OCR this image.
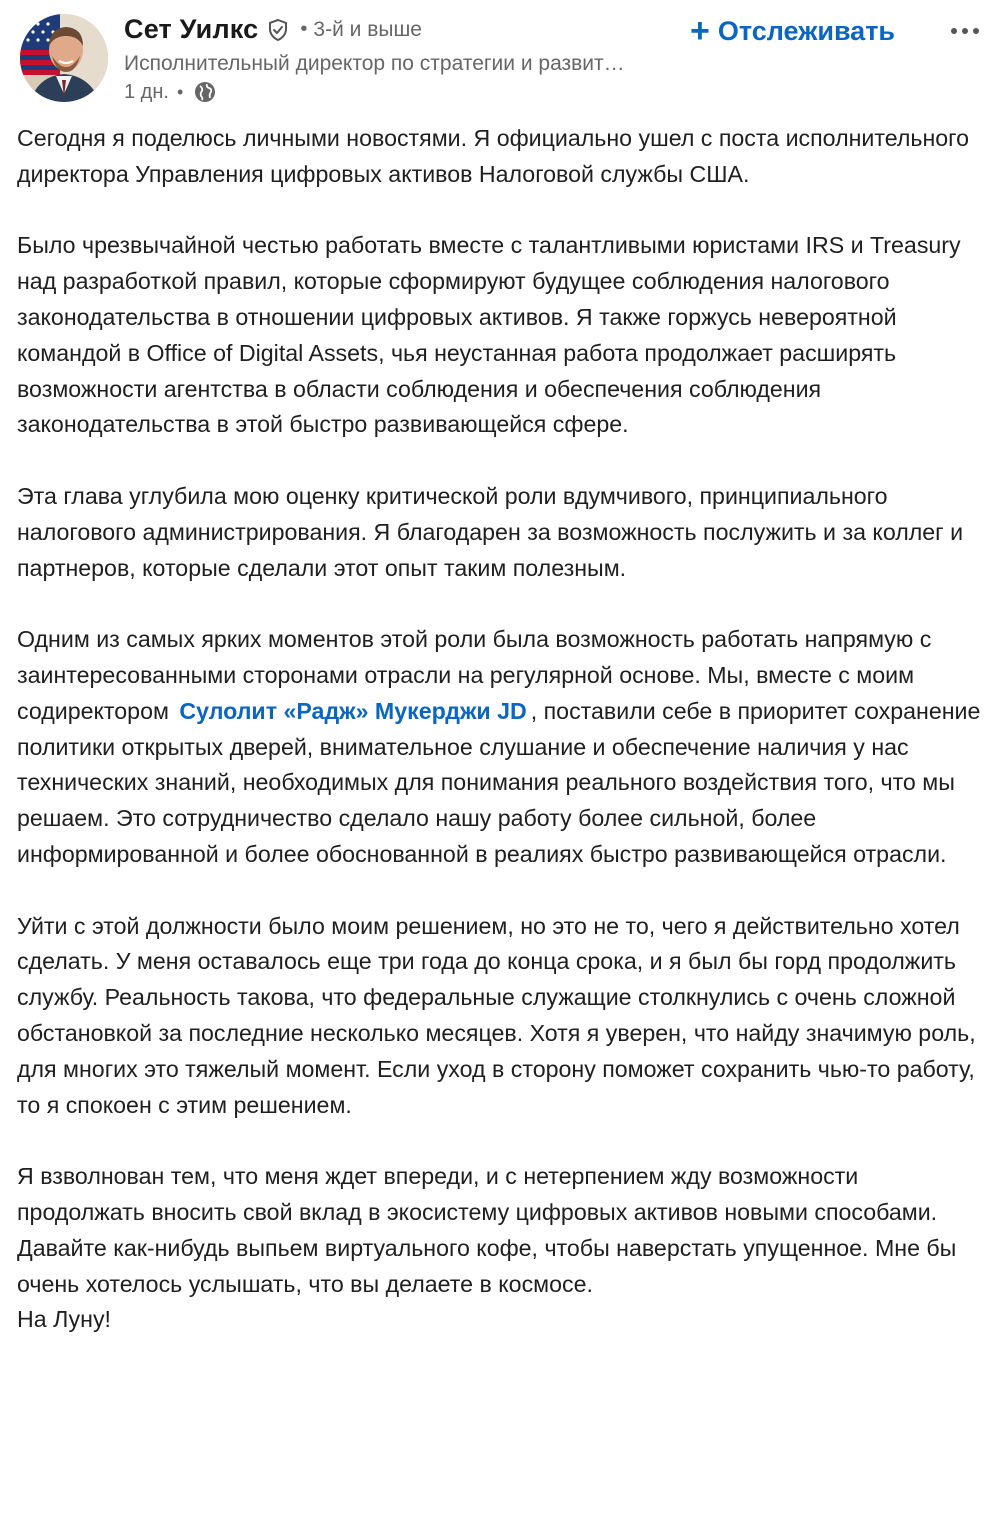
Сет Уилкс • 3-й и выше
Исполнительный директор по стратегии и развит…
1 дн. •
+ Отслеживать

Сегодня я поделюсь личными новостями. Я официально ушел с поста исполнительного директора Управления цифровых активов Налоговой службы США.

Было чрезвычайной честью работать вместе с талантливыми юристами IRS и Treasury над разработкой правил, которые сформируют будущее соблюдения налогового законодательства в отношении цифровых активов. Я также горжусь невероятной командой в Office of Digital Assets, чья неустанная работа продолжает расширять возможности агентства в области соблюдения и обеспечения соблюдения законодательства в этой быстро развивающейся сфере.

Эта глава углубила мою оценку критической роли вдумчивого, принципиального налогового администрирования. Я благодарен за возможность послужить и за коллег и партнеров, которые сделали этот опыт таким полезным.

Одним из самых ярких моментов этой роли была возможность работать напрямую с заинтересованными сторонами отрасли на регулярной основе. Мы, вместе с моим содиректором Сулолит «Радж» Мукерджи JD , поставили себе в приоритет сохранение политики открытых дверей, внимательное слушание и обеспечение наличия у нас технических знаний, необходимых для понимания реального воздействия того, что мы решаем. Это сотрудничество сделало нашу работу более сильной, более информированной и более обоснованной в реалиях быстро развивающейся отрасли.

Уйти с этой должности было моим решением, но это не то, чего я действительно хотел сделать. У меня оставалось еще три года до конца срока, и я был бы горд продолжить службу. Реальность такова, что федеральные служащие столкнулись с очень сложной обстановкой за последние несколько месяцев. Хотя я уверен, что найду значимую роль, для многих это тяжелый момент. Если уход в сторону поможет сохранить чью-то работу, то я спокоен с этим решением.

Я взволнован тем, что меня ждет впереди, и с нетерпением жду возможности продолжать вносить свой вклад в экосистему цифровых активов новыми способами. Давайте как-нибудь выпьем виртуального кофе, чтобы наверстать упущенное. Мне бы очень хотелось услышать, что вы делаете в космосе.
На Луну!
